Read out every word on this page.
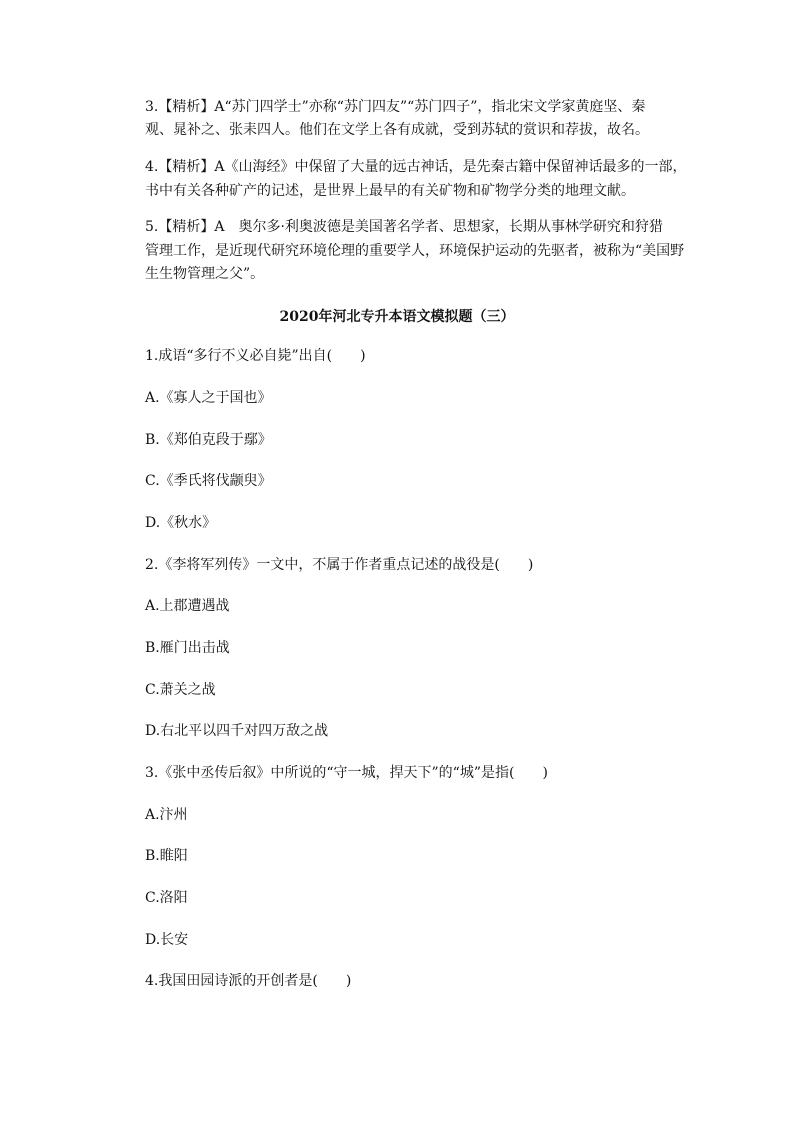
3.【精析】A“苏门四学士”亦称“苏门四友”“苏门四子”，指北宋文学家黄庭坚、秦
观、晁补之、张耒四人。他们在文学上各有成就，受到苏轼的赏识和荐拔，故名。
4.【精析】A《山海经》中保留了大量的远古神话，是先秦古籍中保留神话最多的一部，
书中有关各种矿产的记述，是世界上最早的有关矿物和矿物学分类的地理文献。
5.【精析】A　奥尔多·利奥波德是美国著名学者、思想家，长期从事林学研究和狩猎
管理工作，是近现代研究环境伦理的重要学人，环境保护运动的先驱者，被称为“美国野
生生物管理之父”。
2020年河北专升本语文模拟题（三）
1.成语“多行不义必自毙”出自(　　)
A.《寡人之于国也》
B.《郑伯克段于鄢》
C.《季氏将伐颛臾》
D.《秋水》
2.《李将军列传》一文中，不属于作者重点记述的战役是(　　)
A.上郡遭遇战
B.雁门出击战
C.萧关之战
D.右北平以四千对四万敌之战
3.《张中丞传后叙》中所说的“守一城，捍天下”的“城”是指(　　)
A.汴州
B.睢阳
C.洛阳
D.长安
4.我国田园诗派的开创者是(　　)
